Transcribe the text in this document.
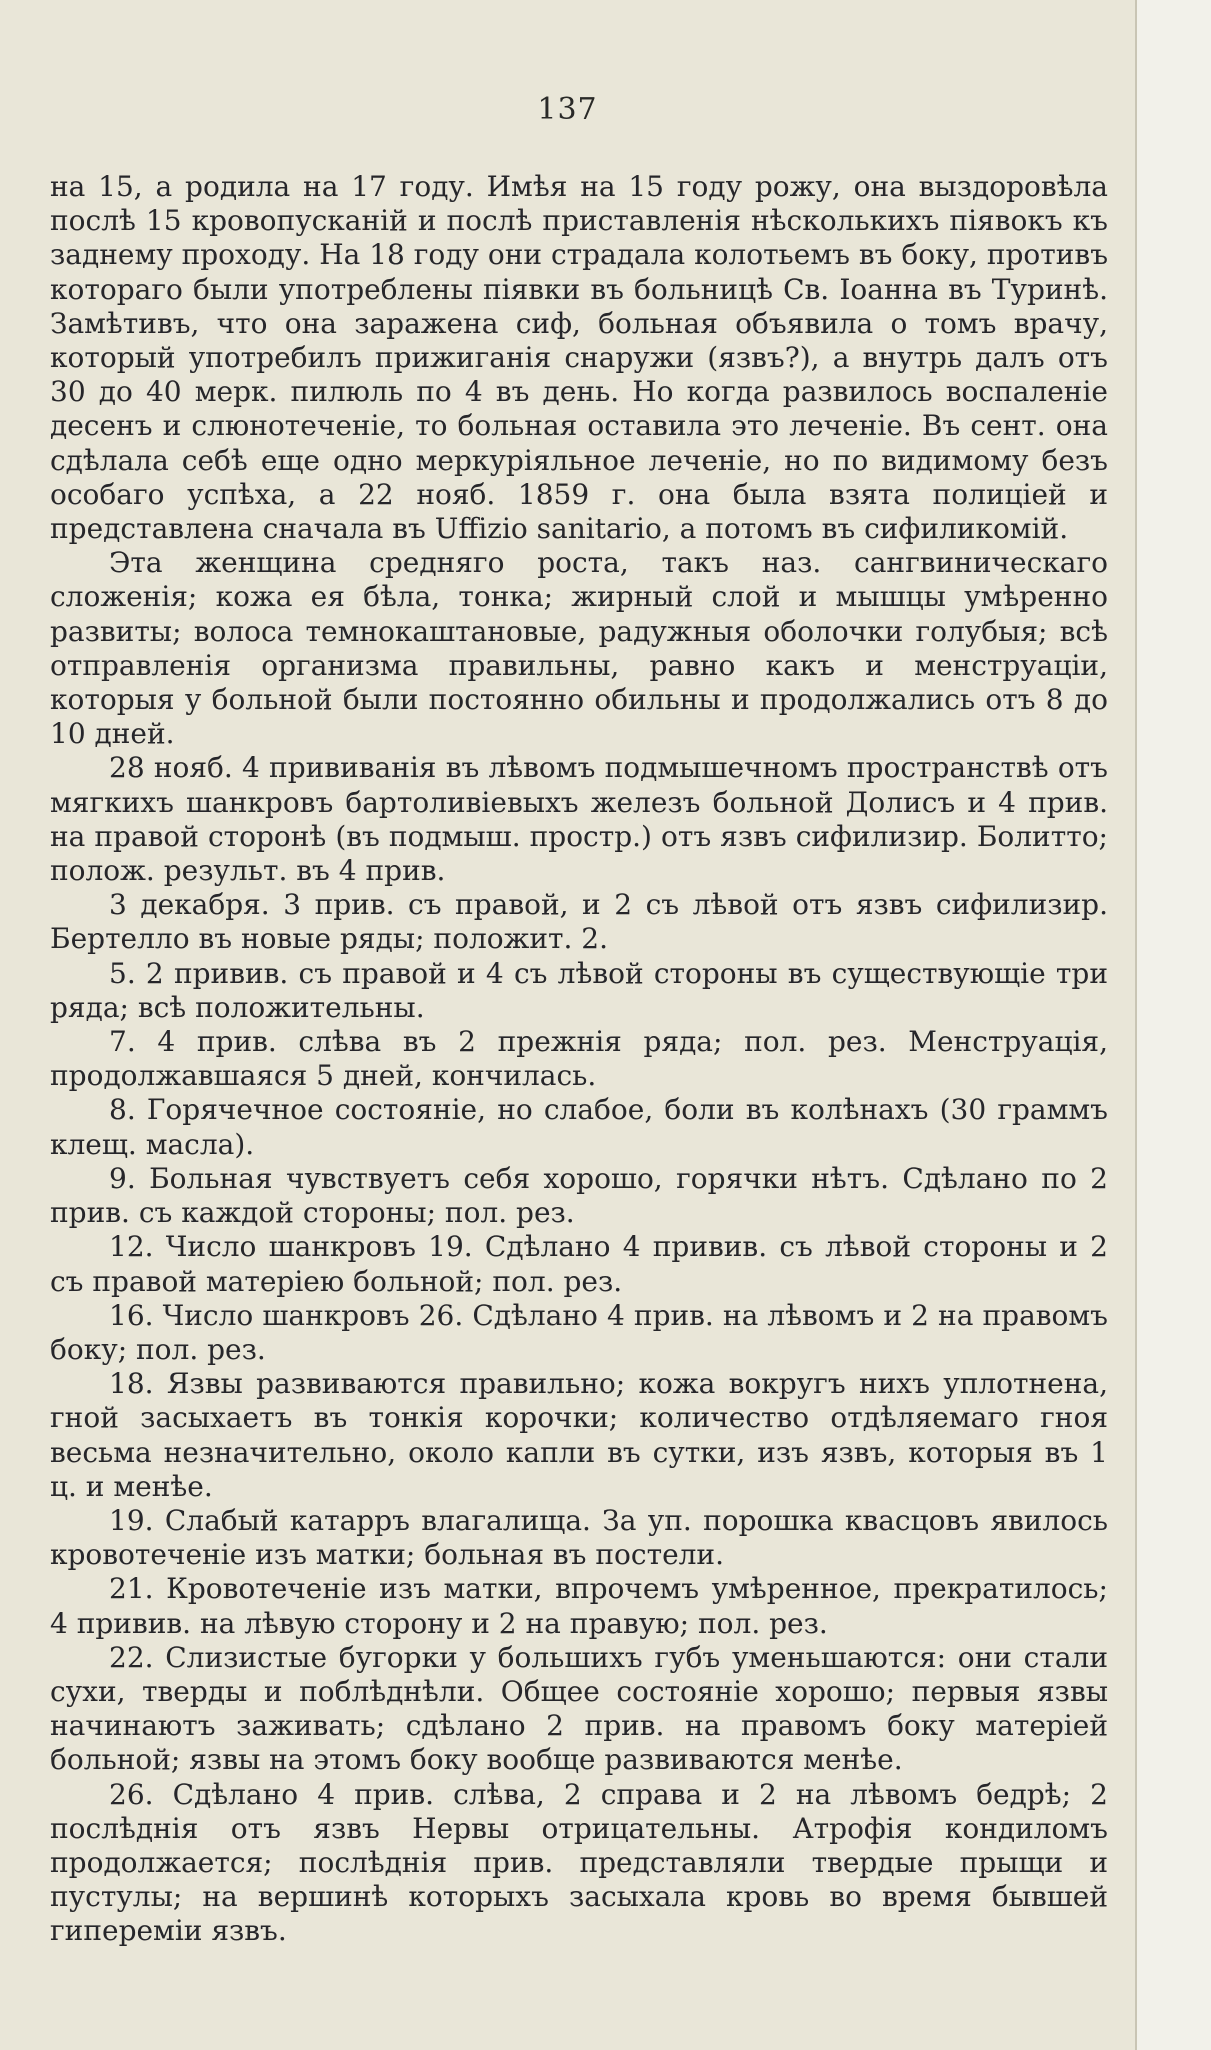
137

на 15, а родила на 17 году. Имѣя на 15 году рожу, она выздоровѣла послѣ 15 кровопусканій и послѣ приставленія нѣсколькихъ піявокъ къ заднему проходу. На 18 году они страдала колотьемъ въ боку, противъ котораго были употреблены піявки въ больницѣ Св. Іоанна въ Туринѣ. Замѣтивъ, что она заражена сиф, больная объявила о томъ врачу, который употребилъ прижиганія снаружи (язвъ?), а внутрь далъ отъ 30 до 40 мерк. пилюль по 4 въ день. Но когда развилось воспаленіе десенъ и слюнотеченіе, то больная оставила это леченіе. Въ сент. она сдѣлала себѣ еще одно меркуріяльное леченіе, но по видимому безъ особаго успѣха, а 22 нояб. 1859 г. она была взята полиціей и представлена сначала въ Uffizio sanitario, а потомъ въ сифиликомій.

Эта женщина средняго роста, такъ наз. сангвиническаго сложенія; кожа ея бѣла, тонка; жирный слой и мышцы умѣренно развиты; волоса темнокаштановые, радужныя оболочки голубыя; всѣ отправленія организма правильны, равно какъ и менструаціи, которыя у больной были постоянно обильны и продолжались отъ 8 до 10 дней.

28 нояб. 4 прививанія въ лѣвомъ подмышечномъ пространствѣ отъ мягкихъ шанкровъ бартоливіевыхъ железъ больной Долисъ и 4 прив. на правой сторонѣ (въ подмыш. простр.) отъ язвъ сифилизир. Болитто; полож. результ. въ 4 прив.

3 декабря. 3 прив. съ правой, и 2 съ лѣвой отъ язвъ сифилизир. Бертелло въ новые ряды; положит. 2.

5. 2 привив. съ правой и 4 съ лѣвой стороны въ существующіе три ряда; всѣ положительны.

7. 4 прив. слѣва въ 2 прежнія ряда; пол. рез. Менструація, продолжавшаяся 5 дней, кончилась.

8. Горячечное состояніе, но слабое, боли въ колѣнахъ (30 граммъ клещ. масла).

9. Больная чувствуетъ себя хорошо, горячки нѣтъ. Сдѣлано по 2 прив. съ каждой стороны; пол. рез.

12. Число шанкровъ 19. Сдѣлано 4 привив. съ лѣвой стороны и 2 съ правой матеріею больной; пол. рез.

16. Число шанкровъ 26. Сдѣлано 4 прив. на лѣвомъ и 2 на правомъ боку; пол. рез.

18. Язвы развиваются правильно; кожа вокругъ нихъ уплотнена, гной засыхаетъ въ тонкія корочки; количество отдѣляемаго гноя весьма незначительно, около капли въ сутки, изъ язвъ, которыя въ 1 ц. и менѣе.

19. Слабый катарръ влагалища. За уп. порошка квасцовъ явилось кровотеченіе изъ матки; больная въ постели.

21. Кровотеченіе изъ матки, впрочемъ умѣренное, прекратилось; 4 привив. на лѣвую сторону и 2 на правую; пол. рез.

22. Слизистые бугорки у большихъ губъ уменьшаются: они стали сухи, тверды и поблѣднѣли. Общее состояніе хорошо; первыя язвы начинаютъ заживать; сдѣлано 2 прив. на правомъ боку матеріей больной; язвы на этомъ боку вообще развиваются менѣе.

26. Сдѣлано 4 прив. слѣва, 2 справа и 2 на лѣвомъ бедрѣ; 2 послѣднія отъ язвъ Нервы отрицательны. Атрофія кондиломъ продолжается; послѣднія прив. представляли твердые прыщи и пустулы; на вершинѣ которыхъ засыхала кровь во время бывшей гипереміи язвъ.
